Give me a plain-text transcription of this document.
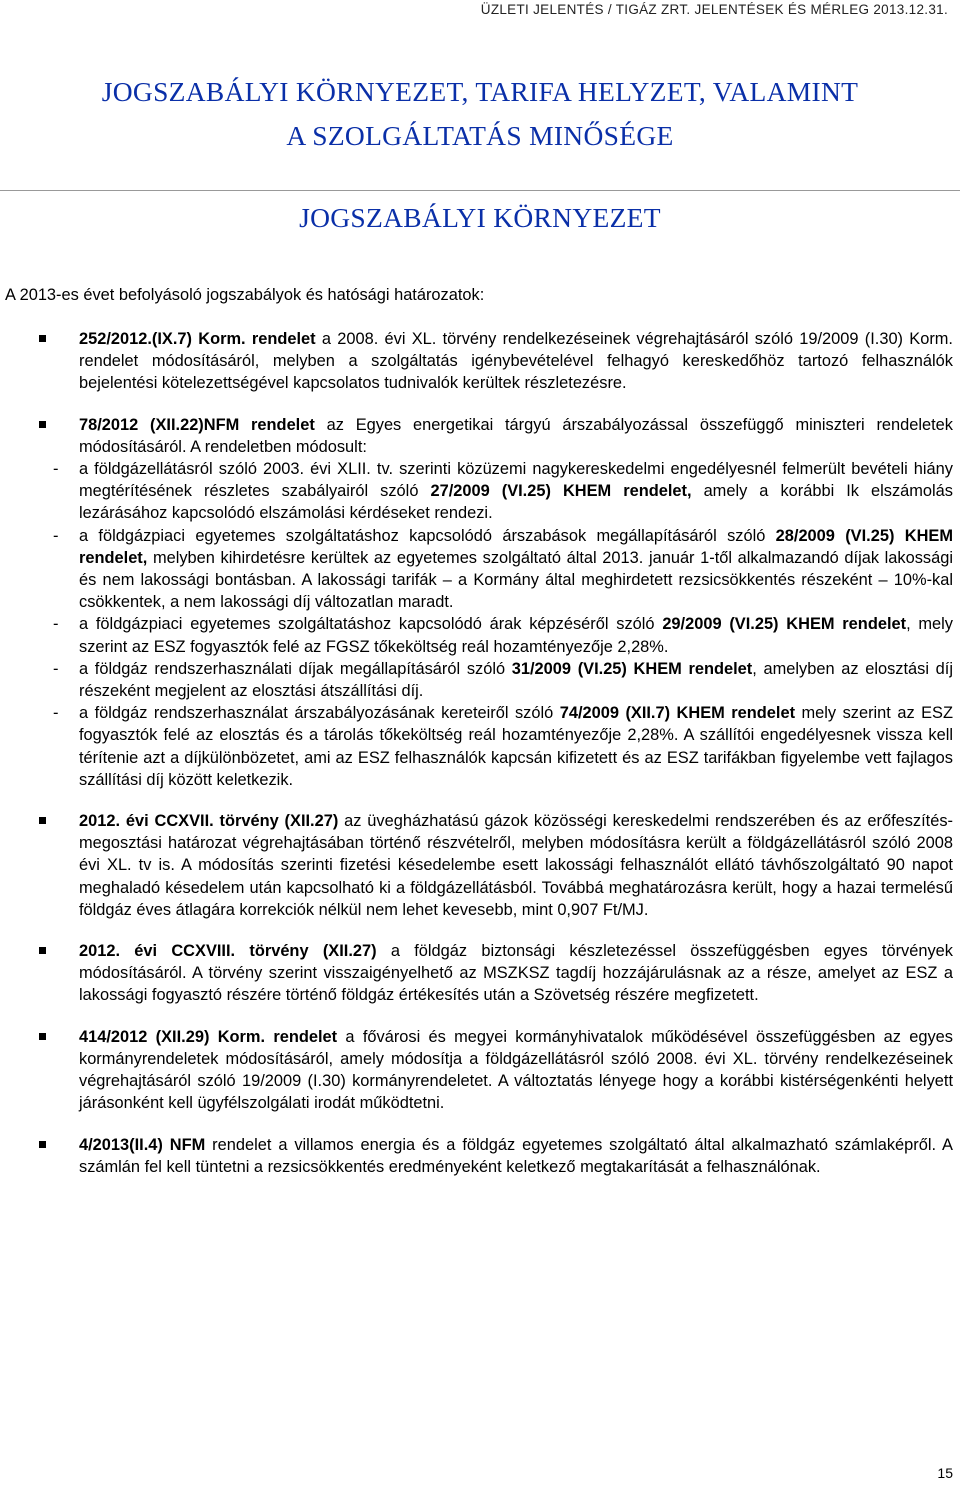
ÜZLETI JELENTÉS / TIGÁZ ZRT. JELENTÉSEK ÉS MÉRLEG 2013.12.31.
JOGSZABÁLYI KÖRNYEZET, TARIFA HELYZET, VALAMINT
A SZOLGÁLTATÁS MINŐSÉGE
JOGSZABÁLYI KÖRNYEZET
A 2013-es évet befolyásoló jogszabályok és hatósági határozatok:
252/2012.(IX.7) Korm. rendelet a 2008. évi XL. törvény rendelkezéseinek végrehajtásáról szóló 19/2009 (I.30) Korm. rendelet módosításáról, melyben a szolgáltatás igénybevételével felhagyó kereskedőhöz tartozó felhasználók bejelentési kötelezettségével kapcsolatos tudnivalók kerültek részletezésre.
78/2012 (XII.22)NFM rendelet az Egyes energetikai tárgyú árszabályozással összefüggő miniszteri rendeletek módosításáról. A rendeletben módosult:
- a földgázellátásról szóló 2003. évi XLII. tv. szerinti közüzemi nagykereskedelmi engedélyesnél felmerült bevételi hiány megtérítésének részletes szabályairól szóló 27/2009 (VI.25) KHEM rendelet, amely a korábbi Ik elszámolás lezárásához kapcsolódó elszámolási kérdéseket rendezi.
- a földgázpiaci egyetemes szolgáltatáshoz kapcsolódó árszabások megállapításáról szóló 28/2009 (VI.25) KHEM rendelet, melyben kihirdetésre kerültek az egyetemes szolgáltató által 2013. január 1-től alkalmazandó díjak lakossági és nem lakossági bontásban. A lakossági tarifák – a Kormány által meghirdetett rezsicsökkentés részeként – 10%-kal csökkentek, a nem lakossági díj változatlan maradt.
- a földgázpiaci egyetemes szolgáltatáshoz kapcsolódó árak képzéséről szóló 29/2009 (VI.25) KHEM rendelet, mely szerint az ESZ fogyasztók felé az FGSZ tőkeköltség reál hozamtényezője 2,28%.
- a földgáz rendszerhasználati díjak megállapításáról szóló 31/2009 (VI.25) KHEM rendelet, amelyben az elosztási díj részeként megjelent az elosztási átszállítási díj.
- a földgáz rendszerhasználat árszabályozásának kereteiről szóló 74/2009 (XII.7) KHEM rendelet mely szerint az ESZ fogyasztók felé az elosztás és a tárolás tőkeköltség reál hozamtényezője 2,28%. A szállítói engedélyesnek vissza kell térítenie azt a díjkülönbözetet, ami az ESZ felhasználók kapcsán kifizetett és az ESZ tarifákban figyelembe vett fajlagos szállítási díj között keletkezik.
2012. évi CCXVII. törvény (XII.27) az üvegházhatású gázok közösségi kereskedelmi rendszerében és az erőfeszítés-megosztási határozat végrehajtásában történő részvételről, melyben módosításra került a földgázellátásról szóló 2008 évi XL. tv is. A módosítás szerinti fizetési késedelembe esett lakossági felhasználót ellátó távhőszolgáltató 90 napot meghaladó késedelem után kapcsolható ki a földgázellátásból. Továbbá meghatározásra került, hogy a hazai termelésű földgáz éves átlagára korrekciók nélkül nem lehet kevesebb, mint 0,907 Ft/MJ.
2012. évi CCXVIII. törvény (XII.27) a földgáz biztonsági készletezéssel összefüggésben egyes törvények módosításáról. A törvény szerint visszaigényelhető az MSZKSZ tagdíj hozzájárulásnak az a része, amelyet az ESZ a lakossági fogyasztó részére történő földgáz értékesítés után a Szövetség részére megfizetett.
414/2012 (XII.29) Korm. rendelet a fővárosi és megyei kormányhivatalok működésével összefüggésben az egyes kormányrendeletek módosításáról, amely módosítja a földgázellátásról szóló 2008. évi XL. törvény rendelkezéseinek végrehajtásáról szóló 19/2009 (I.30) kormányrendeletet. A változtatás lényege hogy a korábbi kistérségenkénti helyett járásonként kell ügyfélszolgálati irodát működtetni.
4/2013(II.4) NFM rendelet a villamos energia és a földgáz egyetemes szolgáltató által alkalmazható számlaképről. A számlán fel kell tüntetni a rezsicsökkentés eredményeként keletkező megtakarítását a felhasználónak.
15
